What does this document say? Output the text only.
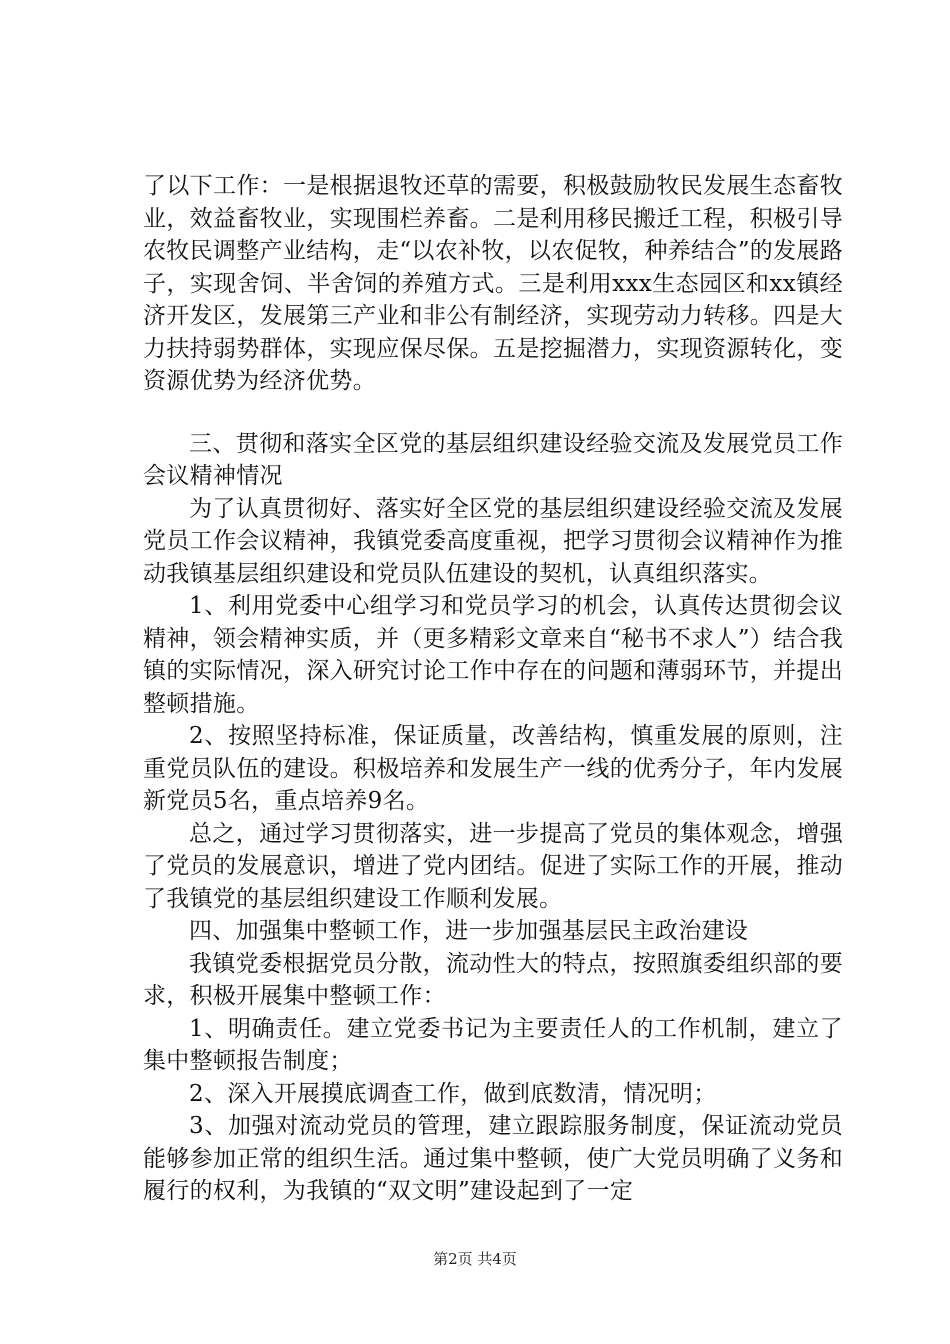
了以下工作：一是根据退牧还草的需要，积极鼓励牧民发展生态畜牧业，效益畜牧业，实现围栏养畜。二是利用移民搬迁工程，积极引导农牧民调整产业结构，走“以农补牧，以农促牧，种养结合”的发展路子，实现舍饲、半舍饲的养殖方式。三是利用xxx生态园区和xx镇经济开发区，发展第三产业和非公有制经济，实现劳动力转移。四是大力扶持弱势群体，实现应保尽保。五是挖掘潜力，实现资源转化，变资源优势为经济优势。

三、贯彻和落实全区党的基层组织建设经验交流及发展党员工作会议精神情况

为了认真贯彻好、落实好全区党的基层组织建设经验交流及发展党员工作会议精神，我镇党委高度重视，把学习贯彻会议精神作为推动我镇基层组织建设和党员队伍建设的契机，认真组织落实。

1、利用党委中心组学习和党员学习的机会，认真传达贯彻会议精神，领会精神实质，并（更多精彩文章来自“秘书不求人”）结合我镇的实际情况，深入研究讨论工作中存在的问题和薄弱环节，并提出整顿措施。

2、按照坚持标准，保证质量，改善结构，慎重发展的原则，注重党员队伍的建设。积极培养和发展生产一线的优秀分子，年内发展新党员5名，重点培养9名。

总之，通过学习贯彻落实，进一步提高了党员的集体观念，增强了党员的发展意识，增进了党内团结。促进了实际工作的开展，推动了我镇党的基层组织建设工作顺利发展。

四、加强集中整顿工作，进一步加强基层民主政治建设

我镇党委根据党员分散，流动性大的特点，按照旗委组织部的要求，积极开展集中整顿工作：

1、明确责任。建立党委书记为主要责任人的工作机制，建立了集中整顿报告制度；

2、深入开展摸底调查工作，做到底数清，情况明；

3、加强对流动党员的管理，建立跟踪服务制度，保证流动党员能够参加正常的组织生活。通过集中整顿，使广大党员明确了义务和履行的权利，为我镇的“双文明”建设起到了一定

第2页 共4页
